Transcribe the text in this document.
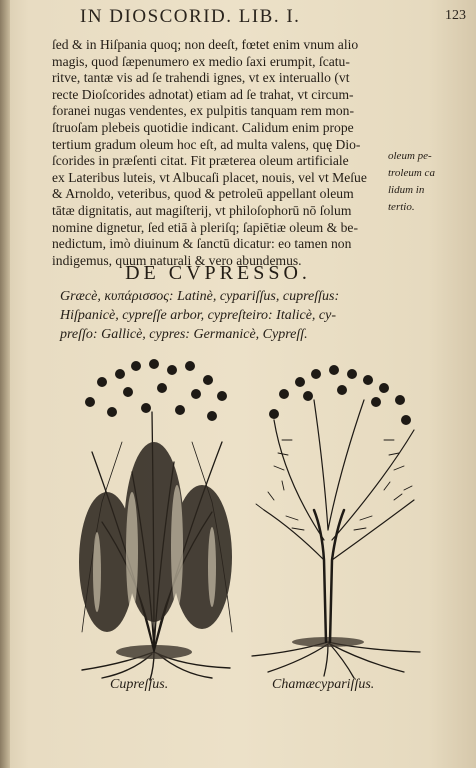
IN DIOSCORID. LIB. I.	123
ſed & in Hiſpania quoq; non deeſt, fœtet enim vnum alio
magis, quod ſæpenumero ex medio ſaxi erumpit, ſcatu-
ritve, tantæ vis ad ſe trahendi ignes, vt ex interuallo (vt
recte Dioſcorides adnotat) etiam ad ſe trahat, vt circum-
foranei nugas vendentes, ex pulpitis tanquam rem mon-
ſtruoſam plebeis quotidie indicant. Calidum enim prope
tertium gradum oleum hoc eſt, ad multa valens, quę Dio-
ſcorides in præſenti citat. Fit præterea oleum artificiale
ex Lateribus luteis, vt Albucaſi placet, nouis, vel vt Meſue
& Arnoldo, veteribus, quod & petroleū appellant oleum
tātæ dignitatis, aut magiſterij, vt philoſophorū nō ſolum
nomine dignetur, ſed etiā à pleriſq; ſapiētiæ oleum & be-
nedictum, imò diuinum & ſanctū dicatur: eo tamen non
indigemus, quum naturali & vero abundemus.
oleum pe-
troleum ca
lidum in
tertio.
DE CVPRESSO.
Græcè, κυπάρισσος: Latinè, cypariſſus, cupreſſus:
Hiſpanicè, cypreſſe arbor, cypreſteiro: Italicè, cy-
preſſo: Gallicè, cypres: Germanicè, Cypreſſ.
Cupreſſus.	Chamæcypariſſus.
